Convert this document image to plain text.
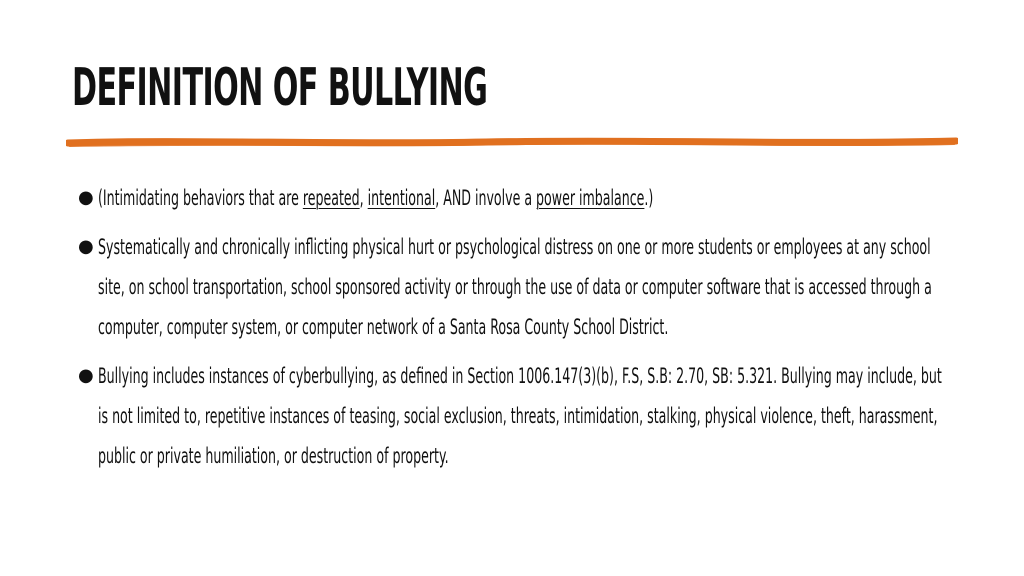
DEFINITION OF BULLYING
● (Intimidating behaviors that are repeated, intentional, AND involve a power imbalance.)
● Systematically and chronically inflicting physical hurt or psychological distress on one or more students or employees at any school site, on school transportation, school sponsored activity or through the use of data or computer software that is accessed through a computer, computer system, or computer network of a Santa Rosa County School District.
● Bullying includes instances of cyberbullying, as defined in Section 1006.147(3)(b), F.S, S.B: 2.70, SB: 5.321. Bullying may include, but is not limited to, repetitive instances of teasing, social exclusion, threats, intimidation, stalking, physical violence, theft, harassment, public or private humiliation, or destruction of property.
